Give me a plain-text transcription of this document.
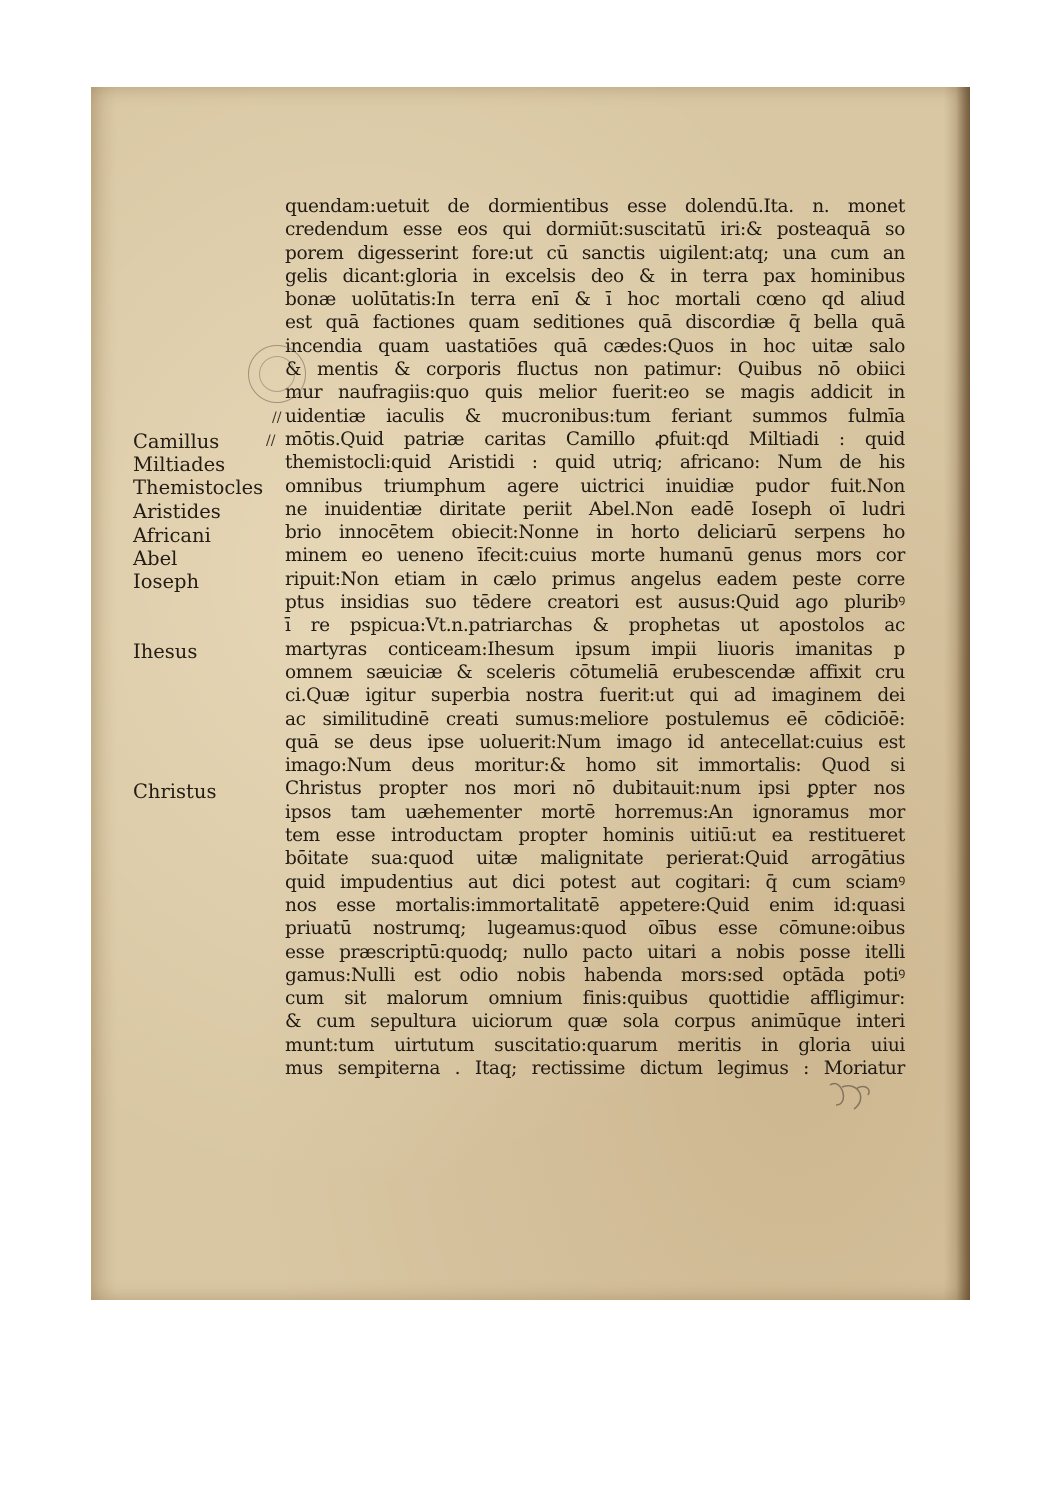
quendam:uetuit de dormientibus esse dolendū.Ita. n. monet
credendum esse eos qui dormiūt:suscitatū iri:& posteaquā so
porem digesserint fore:ut cū sanctis uigilent:atq; una cum an
gelis dicant:gloria in excelsis deo & in terra pax hominibus
bonæ uolūtatis:In terra enī & ī hoc mortali cœno qd aliud
est quā factiones quam seditiones quā discordiæ q̄ bella quā
incendia quam uastatiōes quā cædes:Quos in hoc uitæ salo
& mentis & corporis fluctus non patimur: Quibus nō obiici
mur naufragiis:quo quis melior fuerit:eo se magis addicit in
uidentiæ iaculis & mucronibus:tum feriant summos fulmīa
mōtis.Quid patriæ caritas Camillo ꝓfuit:qd Miltiadi : quid
themistocli:quid Aristidi : quid utriq; africano: Num de his
omnibus triumphum agere uictrici inuidiæ pudor fuit.Non
ne inuidentiæ diritate periit Abel.Non eadē Ioseph oī ludri
brio innocētem obiecit:Nonne in horto deliciarū serpens ho
minem eo ueneno īfecit:cuius morte humanū genus mors cor
ripuit:Non etiam in cælo primus angelus eadem peste corre
ptus insidias suo tēdere creatori est ausus:Quid ago pluribꝰ
ī re pspicua:Vt.n.patriarchas & prophetas ut apostolos ac
martyras conticeam:Ihesum ipsum impii liuoris imanitas p
omnem sæuiciæ & sceleris cōtumeliā erubescendæ affixit cru
ci.Quæ igitur superbia nostra fuerit:ut qui ad imaginem dei
ac similitudinē creati sumus:meliore postulemus eē cōdiciōē:
quā se deus ipse uoluerit:Num imago id antecellat:cuius est
imago:Num deus moritur:& homo sit immortalis: Quod si
Christus propter nos mori nō dubitauit:num ipsi ꝑpter nos
ipsos tam uæhementer mortē horremus:An ignoramus mor
tem esse introductam propter hominis uitiū:ut ea restitueret
bōitate sua:quod uitæ malignitate perierat:Quid arrogātius
quid impudentius aut dici potest aut cogitari: q̄ cum sciamꝰ
nos esse mortalis:immortalitatē appetere:Quid enim id:quasi
priuatū nostrumq; lugeamus:quod oībus esse cōmune:oibus
esse præscriptū:quodq; nullo pacto uitari a nobis posse itelli
gamus:Nulli est odio nobis habenda mors:sed optāda potiꝰ
cum sit malorum omnium finis:quibus quottidie affligimur:
& cum sepultura uiciorum quæ sola corpus animūque interi
munt:tum uirtutum suscitatio:quarum meritis in gloria uiui
mus sempiterna . Itaq; rectissime dictum legimus : Moriatur
Camillus
Miltiades
Themistocles
Aristides
Africani
Abel
Ioseph
Ihesus
Christus
//
//
